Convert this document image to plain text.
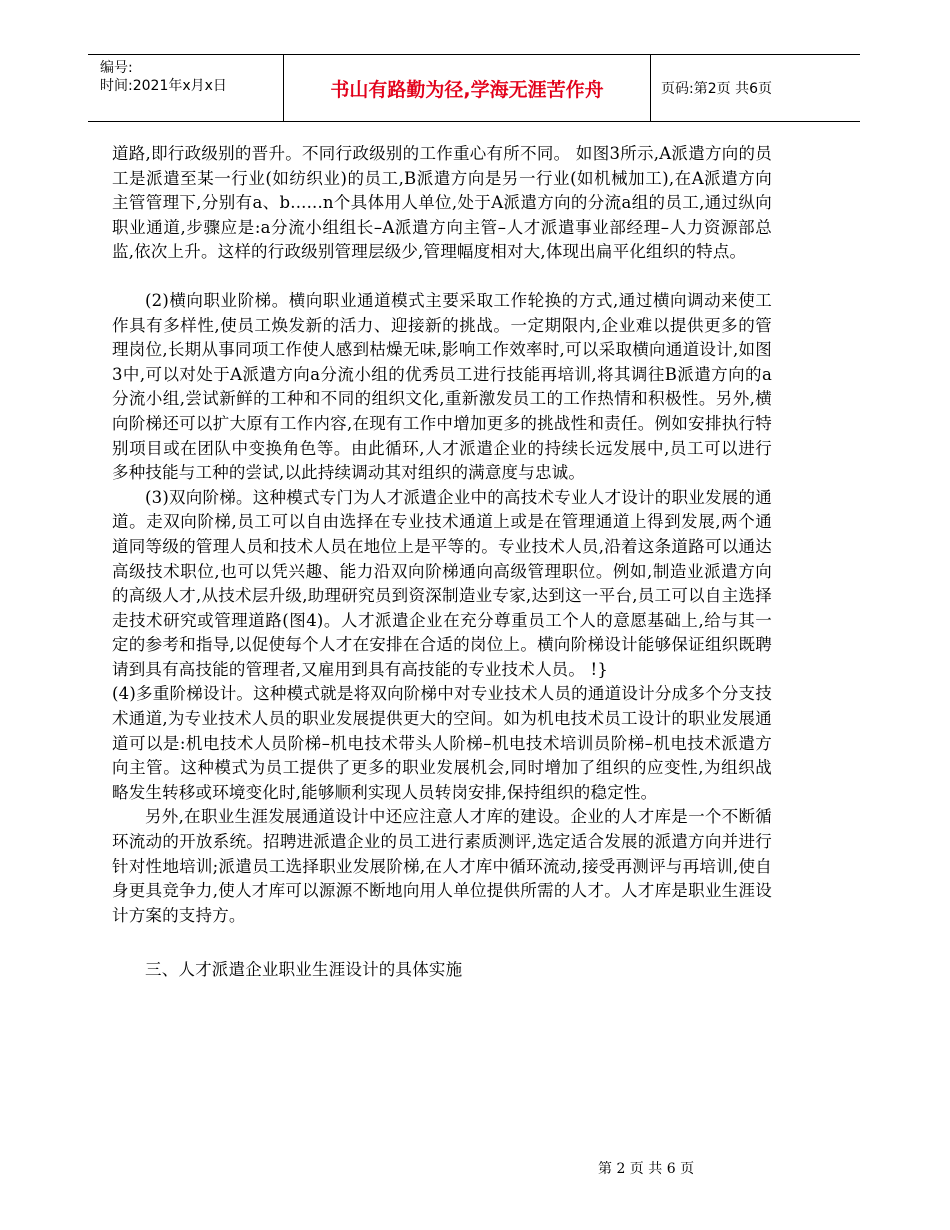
编号:
时间:2021年x月x日	书山有路勤为径,学海无涯苦作舟	页码:第2页 共6页

道路,即行政级别的晋升。不同行政级别的工作重心有所不同。 如图3所示,A派遣方向的员工是派遣至某一行业(如纺织业)的员工,B派遣方向是另一行业(如机械加工),在A派遣方向主管管理下,分别有a、b......n个具体用人单位,处于A派遣方向的分流a组的员工,通过纵向职业通道,步骤应是:a分流小组组长–A派遣方向主管–人才派遣事业部经理–人力资源部总监,依次上升。这样的行政级别管理层级少,管理幅度相对大,体现出扁平化组织的特点。

(2)横向职业阶梯。横向职业通道模式主要采取工作轮换的方式,通过横向调动来使工作具有多样性,使员工焕发新的活力、迎接新的挑战。一定期限内,企业难以提供更多的管理岗位,长期从事同项工作使人感到枯燥无味,影响工作效率时,可以采取横向通道设计,如图3中,可以对处于A派遣方向a分流小组的优秀员工进行技能再培训,将其调往B派遣方向的a分流小组,尝试新鲜的工种和不同的组织文化,重新激发员工的工作热情和积极性。另外,横向阶梯还可以扩大原有工作内容,在现有工作中增加更多的挑战性和责任。例如安排执行特别项目或在团队中变换角色等。由此循环,人才派遣企业的持续长远发展中,员工可以进行多种技能与工种的尝试,以此持续调动其对组织的满意度与忠诚。

(3)双向阶梯。这种模式专门为人才派遣企业中的高技术专业人才设计的职业发展的通道。走双向阶梯,员工可以自由选择在专业技术通道上或是在管理通道上得到发展,两个通道同等级的管理人员和技术人员在地位上是平等的。专业技术人员,沿着这条道路可以通达高级技术职位,也可以凭兴趣、能力沿双向阶梯通向高级管理职位。例如,制造业派遣方向的高级人才,从技术层升级,助理研究员到资深制造业专家,达到这一平台,员工可以自主选择走技术研究或管理道路(图4)。人才派遣企业在充分尊重员工个人的意愿基础上,给与其一定的参考和指导,以促使每个人才在安排在合适的岗位上。横向阶梯设计能够保证组织既聘请到具有高技能的管理者,又雇用到具有高技能的专业技术人员。 !}

(4)多重阶梯设计。这种模式就是将双向阶梯中对专业技术人员的通道设计分成多个分支技术通道,为专业技术人员的职业发展提供更大的空间。如为机电技术员工设计的职业发展通道可以是:机电技术人员阶梯–机电技术带头人阶梯–机电技术培训员阶梯–机电技术派遣方向主管。这种模式为员工提供了更多的职业发展机会,同时增加了组织的应变性,为组织战略发生转移或环境变化时,能够顺利实现人员转岗安排,保持组织的稳定性。

另外,在职业生涯发展通道设计中还应注意人才库的建设。企业的人才库是一个不断循环流动的开放系统。招聘进派遣企业的员工进行素质测评,选定适合发展的派遣方向并进行针对性地培训;派遣员工选择职业发展阶梯,在人才库中循环流动,接受再测评与再培训,使自身更具竞争力,使人才库可以源源不断地向用人单位提供所需的人才。人才库是职业生涯设计方案的支持方。

三、人才派遣企业职业生涯设计的具体实施

第 2 页 共 6 页
